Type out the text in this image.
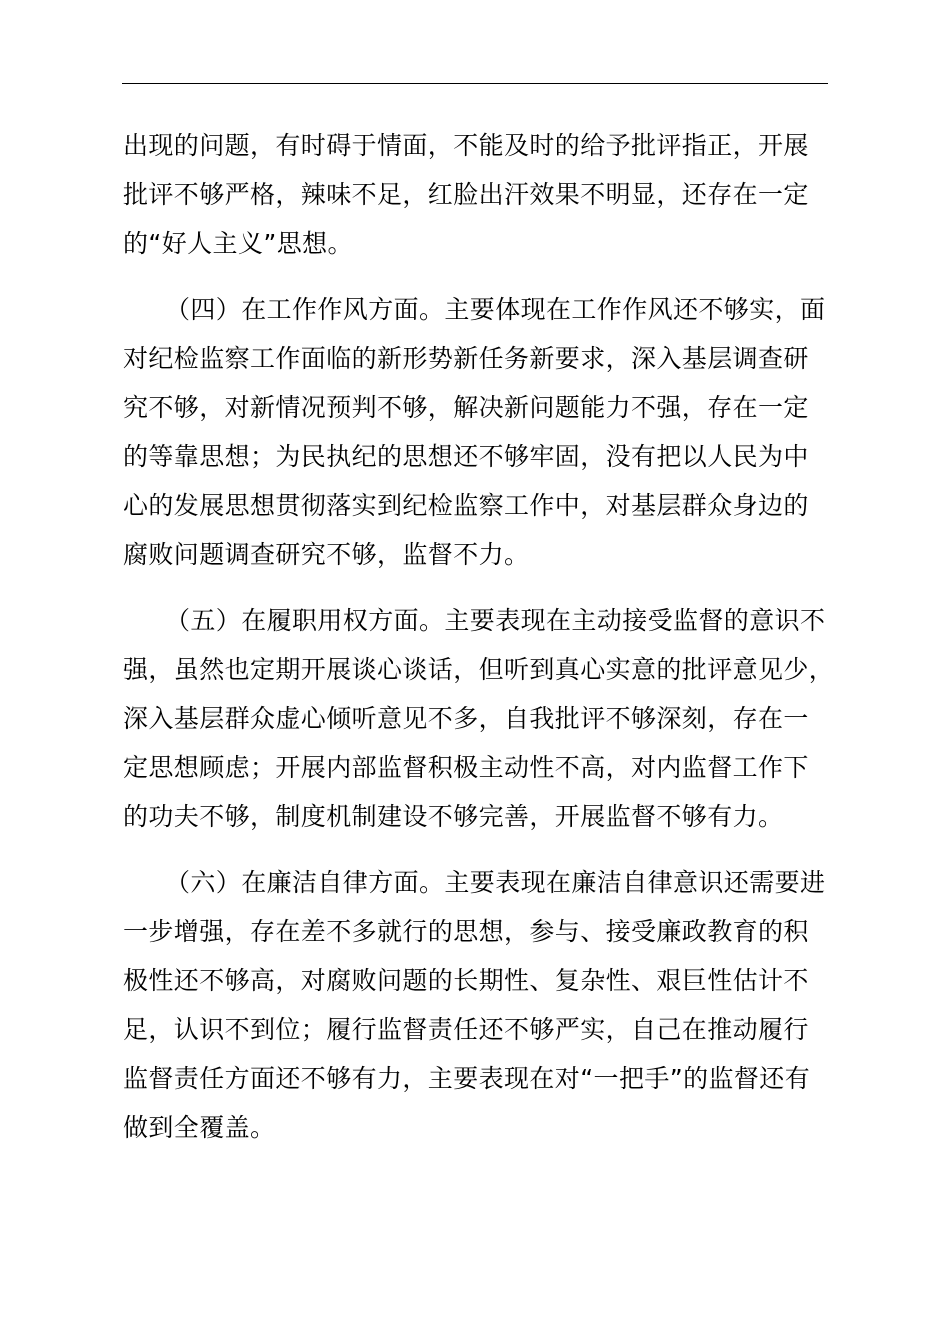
出现的问题，有时碍于情面，不能及时的给予批评指正，开展
批评不够严格，辣味不足，红脸出汗效果不明显，还存在一定
的“好人主义”思想。
（四）在工作作风方面。主要体现在工作作风还不够实，面
对纪检监察工作面临的新形势新任务新要求，深入基层调查研
究不够，对新情况预判不够，解决新问题能力不强，存在一定
的等靠思想；为民执纪的思想还不够牢固，没有把以人民为中
心的发展思想贯彻落实到纪检监察工作中，对基层群众身边的
腐败问题调查研究不够，监督不力。
（五）在履职用权方面。主要表现在主动接受监督的意识不
强，虽然也定期开展谈心谈话，但听到真心实意的批评意见少，
深入基层群众虚心倾听意见不多，自我批评不够深刻，存在一
定思想顾虑；开展内部监督积极主动性不高，对内监督工作下
的功夫不够，制度机制建设不够完善，开展监督不够有力。
（六）在廉洁自律方面。主要表现在廉洁自律意识还需要进
一步增强，存在差不多就行的思想，参与、接受廉政教育的积
极性还不够高，对腐败问题的长期性、复杂性、艰巨性估计不
足，认识不到位；履行监督责任还不够严实，自己在推动履行
监督责任方面还不够有力，主要表现在对“一把手”的监督还有
做到全覆盖。
